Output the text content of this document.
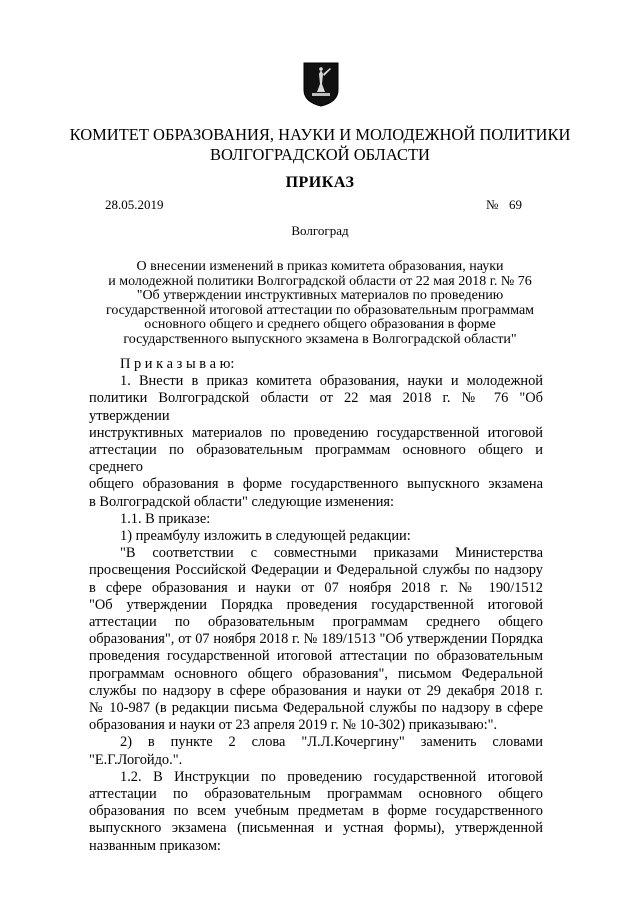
КОМИТЕТ ОБРАЗОВАНИЯ, НАУКИ И МОЛОДЕЖНОЙ ПОЛИТИКИ
ВОЛГОГРАДСКОЙ ОБЛАСТИ
ПРИКАЗ
28.05.2019	№ 69
Волгоград
О внесении изменений в приказ комитета образования, науки
и молодежной политики Волгоградской области от 22 мая 2018 г. № 76
"Об утверждении инструктивных материалов по проведению
государственной итоговой аттестации по образовательным программам
основного общего и среднего общего образования в форме
государственного выпускного экзамена в Волгоградской области"

П р и к а з ы в а ю:

1. Внести в приказ комитета образования, науки и молодежной

политики Волгоградской области от 22 мая 2018 г. № 76 "Об утверждении

инструктивных материалов по проведению государственной итоговой

аттестации по образовательным программам основного общего и среднего

общего образования в форме государственного выпускного экзамена

в Волгоградской области" следующие изменения:

1.1. В приказе:

1) преамбулу изложить в следующей редакции:

"В соответствии с совместными приказами Министерства

просвещения Российской Федерации и Федеральной службы по надзору

в сфере образования и науки от 07 ноября 2018 г. № 190/1512

"Об утверждении Порядка проведения государственной итоговой

аттестации по образовательным программам среднего общего

образования", от 07 ноября 2018 г. № 189/1513 "Об утверждении Порядка

проведения государственной итоговой аттестации по образовательным

программам основного общего образования", письмом Федеральной

службы по надзору в сфере образования и науки от 29 декабря 2018 г.

№ 10-987 (в редакции письма Федеральной службы по надзору в сфере

образования и науки от 23 апреля 2019 г. № 10-302) приказываю:".

2) в пункте 2 слова "Л.Л.Кочергину" заменить словами

"Е.Г.Логойдо.".

1.2. В Инструкции по проведению государственной итоговой

аттестации по образовательным программам основного общего

образования по всем учебным предметам в форме государственного

выпускного экзамена (письменная и устная формы), утвержденной

названным приказом:
